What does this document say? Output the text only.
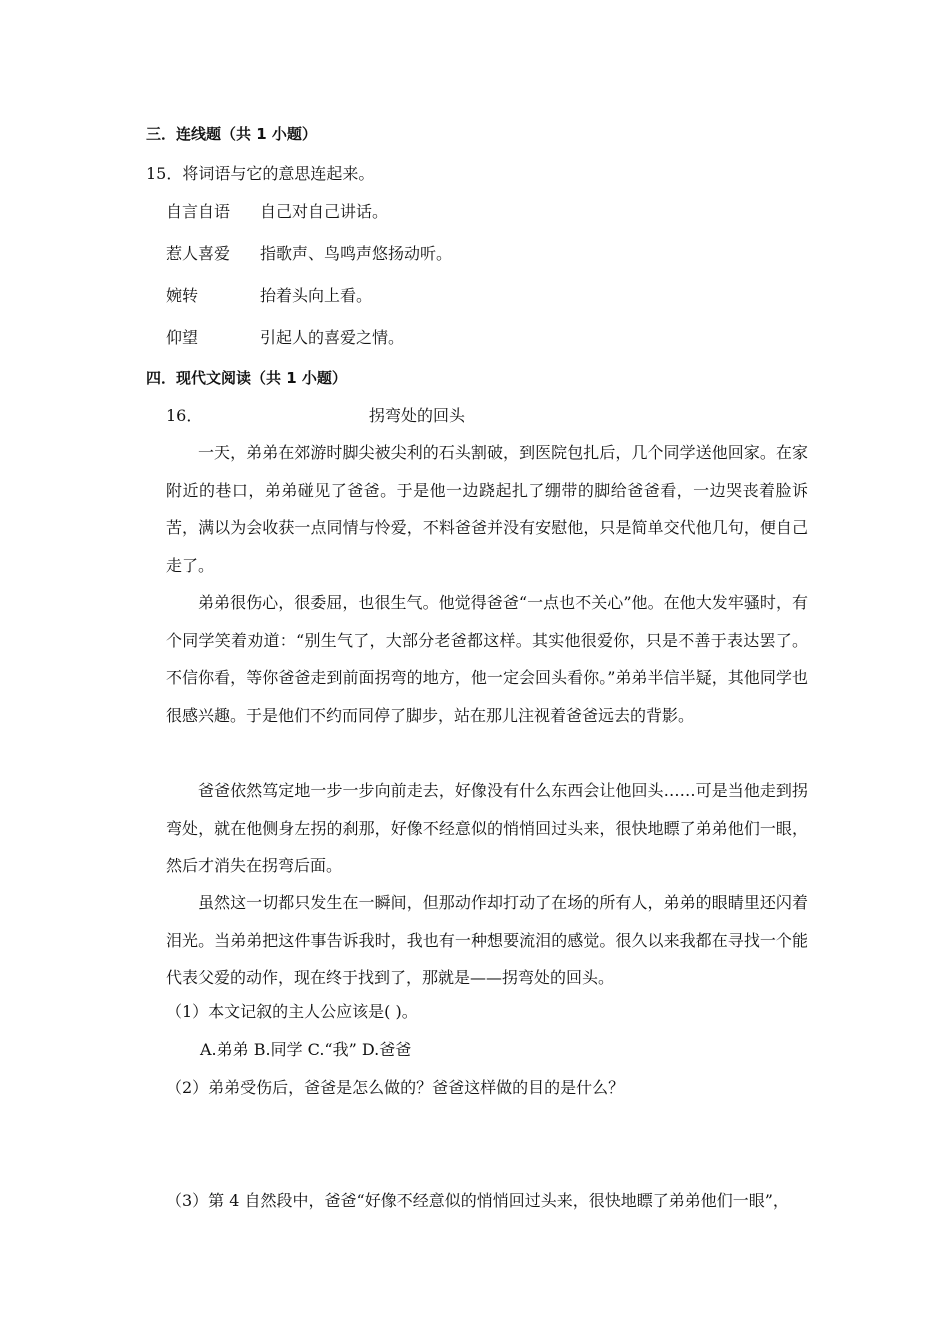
三．连线题（共 1 小题）
15．将词语与它的意思连起来。
自言自语 自己对自己讲话。
惹人喜爱 指歌声、鸟鸣声悠扬动听。
婉转	抬着头向上看。
仰望	引起人的喜爱之情。
四．现代文阅读（共 1 小题）
16．	拐弯处的回头
一天，弟弟在郊游时脚尖被尖利的石头割破，到医院包扎后，几个同学送他回家。在家附近的巷口，弟弟碰见了爸爸。于是他一边跷起扎了绷带的脚给爸爸看，一边哭丧着脸诉苦，满以为会收获一点同情与怜爱，不料爸爸并没有安慰他，只是简单交代他几句，便自己走了。
弟弟很伤心，很委屈，也很生气。他觉得爸爸“一点也不关心”他。在他大发牢骚时，有个同学笑着劝道：“别生气了，大部分老爸都这样。其实他很爱你，只是不善于表达罢了。不信你看，等你爸爸走到前面拐弯的地方，他一定会回头看你。”弟弟半信半疑，其他同学也很感兴趣。于是他们不约而同停了脚步，站在那儿注视着爸爸远去的背影。
爸爸依然笃定地一步一步向前走去，好像没有什么东西会让他回头……可是当他走到拐弯处，就在他侧身左拐的刹那，好像不经意似的悄悄回过头来，很快地瞟了弟弟他们一眼，然后才消失在拐弯后面。
虽然这一切都只发生在一瞬间，但那动作却打动了在场的所有人，弟弟的眼睛里还闪着泪光。当弟弟把这件事告诉我时，我也有一种想要流泪的感觉。很久以来我都在寻找一个能代表父爱的动作，现在终于找到了，那就是——拐弯处的回头。
（1）本文记叙的主人公应该是( )。
A.弟弟 B.同学 C.“我” D.爸爸
（2）弟弟受伤后，爸爸是怎么做的？爸爸这样做的目的是什么？
（3）第 4 自然段中，爸爸“好像不经意似的悄悄回过头来，很快地瞟了弟弟他们一眼”，
